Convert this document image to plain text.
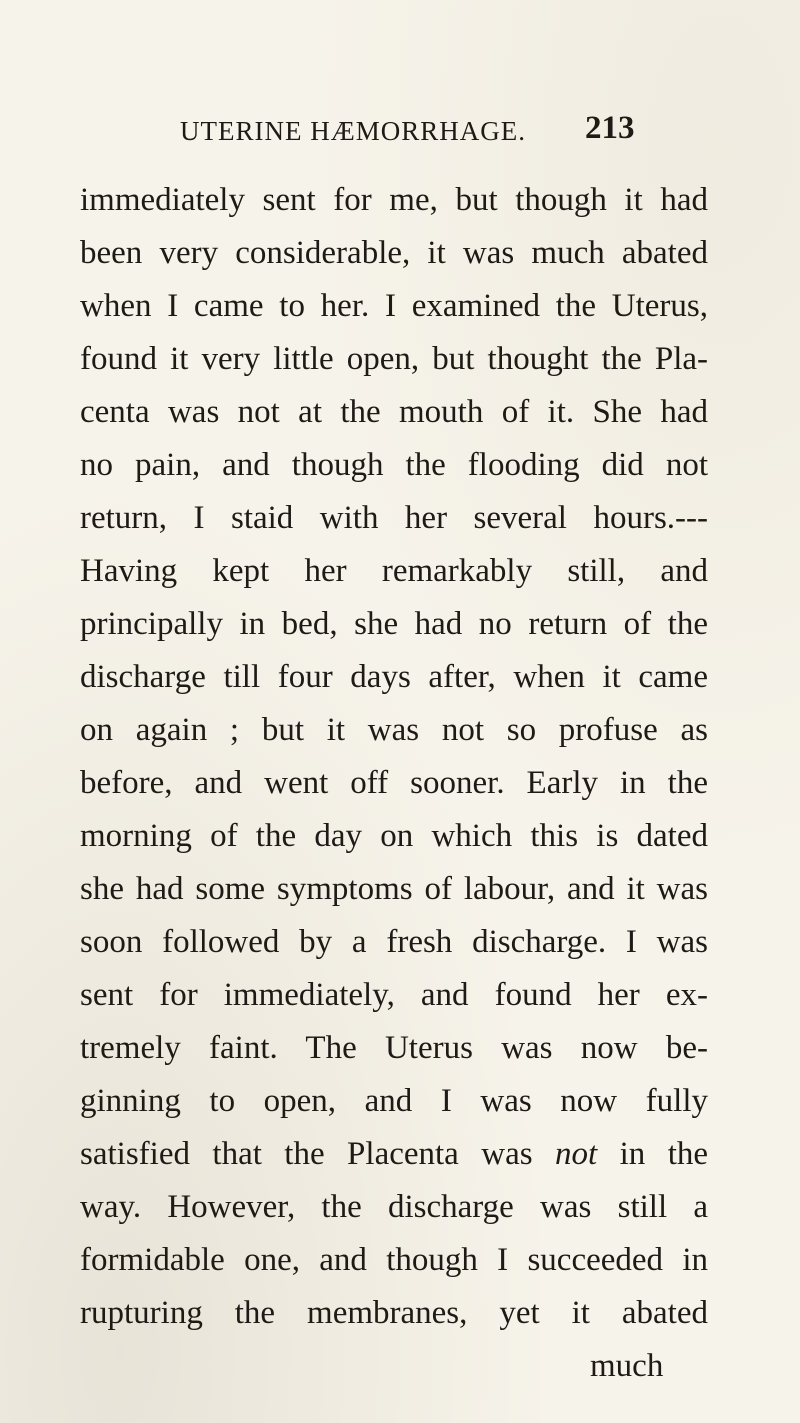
UTERINE HÆMORRHAGE. 213
immediately sent for me, but though it had
been very considerable, it was much abated
when I came to her. I examined the Uterus,
found it very little open, but thought the Pla-
centa was not at the mouth of it. She had
no pain, and though the flooding did not
return, I staid with her several hours.---
Having kept her remarkably still, and
principally in bed, she had no return of the
discharge till four days after, when it came
on again ; but it was not so profuse as
before, and went off sooner. Early in the
morning of the day on which this is dated
she had some symptoms of labour, and it was
soon followed by a fresh discharge. I was
sent for immediately, and found her ex-
tremely faint. The Uterus was now be-
ginning to open, and I was now fully
satisfied that the Placenta was not in the
way. However, the discharge was still a
formidable one, and though I succeeded in
rupturing the membranes, yet it abated
much
